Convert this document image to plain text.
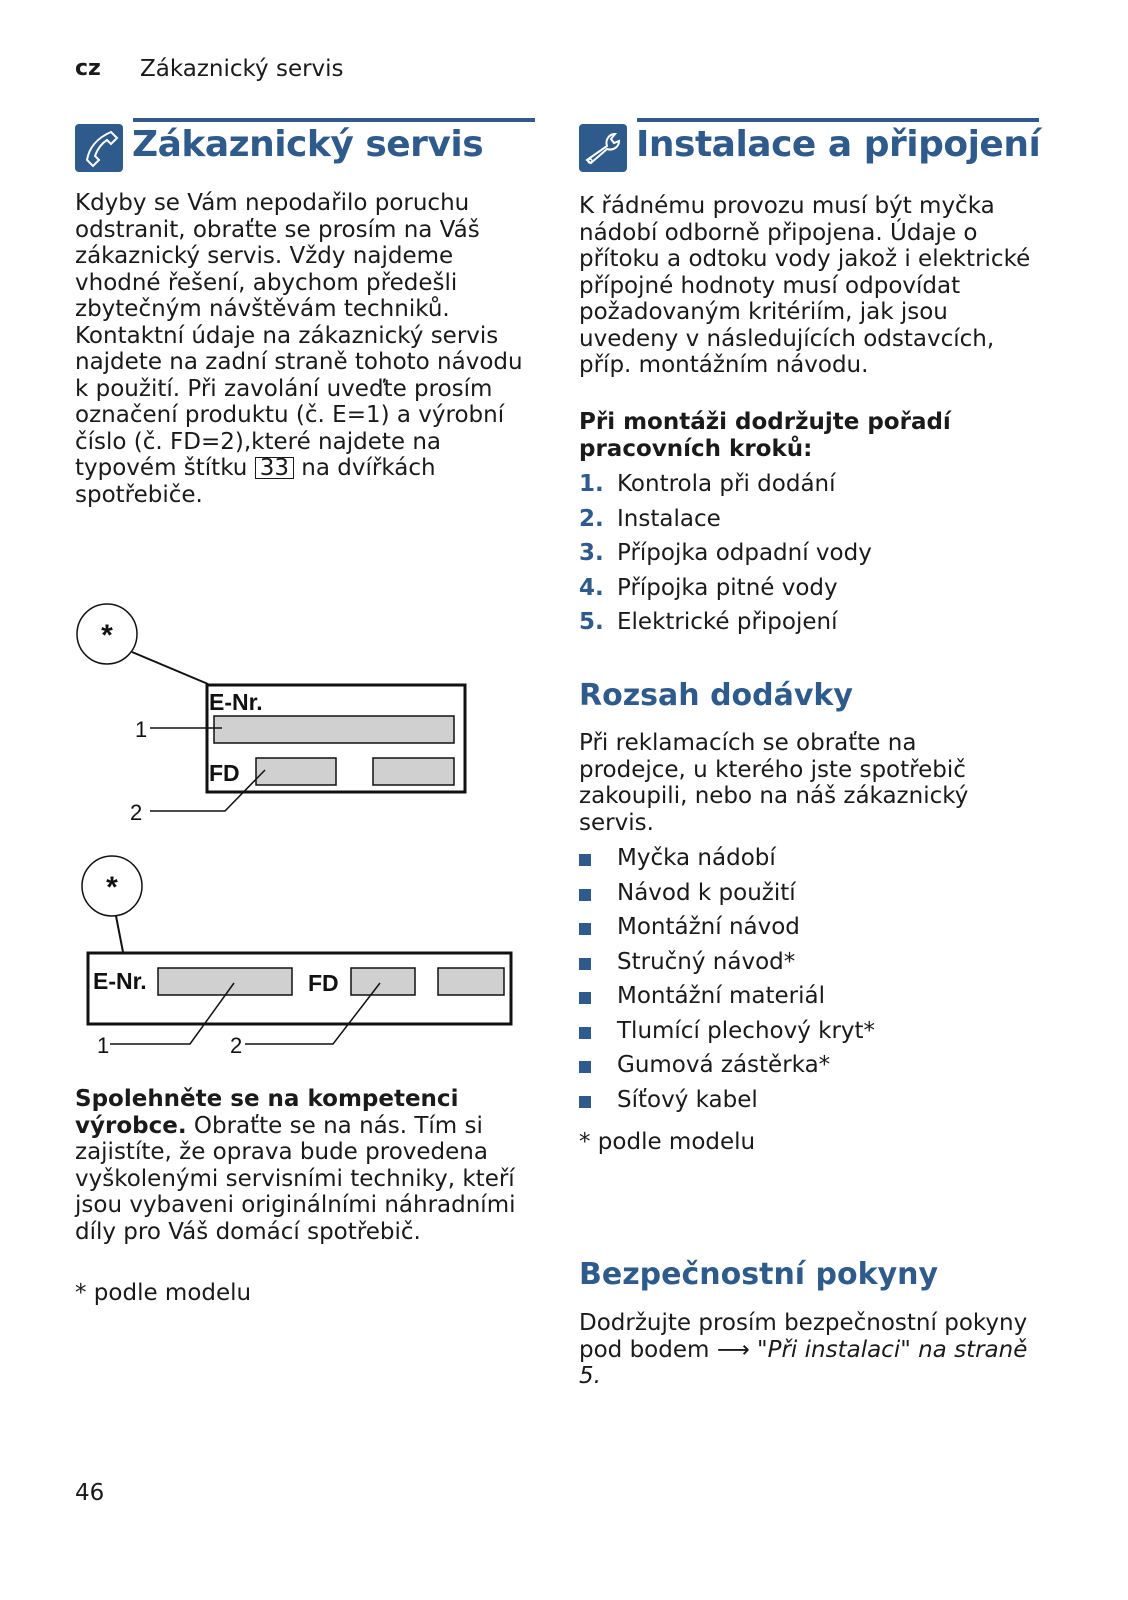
cz Zákaznický servis
Zákaznický servis	Instalace a připojení

Kdyby se Vám nepodařilo poruchu odstranit, obraťte se prosím na Váš zákaznický servis. Vždy najdeme vhodné řešení, abychom předešli zbytečným návštěvám techniků. Kontaktní údaje na zákaznický servis najdete na zadní straně tohoto návodu k použití. Při zavolání uveďte prosím označení produktu (č. E=1) a výrobní číslo (č. FD=2),které najdete na typovém štítku 33 na dvířkách spotřebiče.

*
E-Nr.
FD
1
2
*
E-Nr.	FD
1	2

Spolehněte se na kompetenci výrobce. Obraťte se na nás. Tím si zajistíte, že oprava bude provedena vyškolenými servisními techniky, kteří jsou vybaveni originálními náhradními díly pro Váš domácí spotřebič.

* podle modelu

K řádnému provozu musí být myčka nádobí odborně připojena. Údaje o přítoku a odtoku vody jakož i elektrické přípojné hodnoty musí odpovídat požadovaným kritériím, jak jsou uvedeny v následujících odstavcích, příp. montážním návodu.

Při montáži dodržujte pořadí pracovních kroků:

1. Kontrola při dodání
2. Instalace
3. Přípojka odpadní vody
4. Přípojka pitné vody
5. Elektrické připojení
Rozsah dodávky

Při reklamacích se obraťte na prodejce, u kterého jste spotřebič zakoupili, nebo na náš zákaznický servis.

Myčka nádobí
Návod k použití
Montážní návod
Stručný návod*
Montážní materiál
Tlumící plechový kryt*
Gumová zástěrka*
Síťový kabel

* podle modelu

Bezpečnostní pokyny

Dodržujte prosím bezpečnostní pokyny pod bodem ⟶ "Při instalaci" na straně 5.

46
